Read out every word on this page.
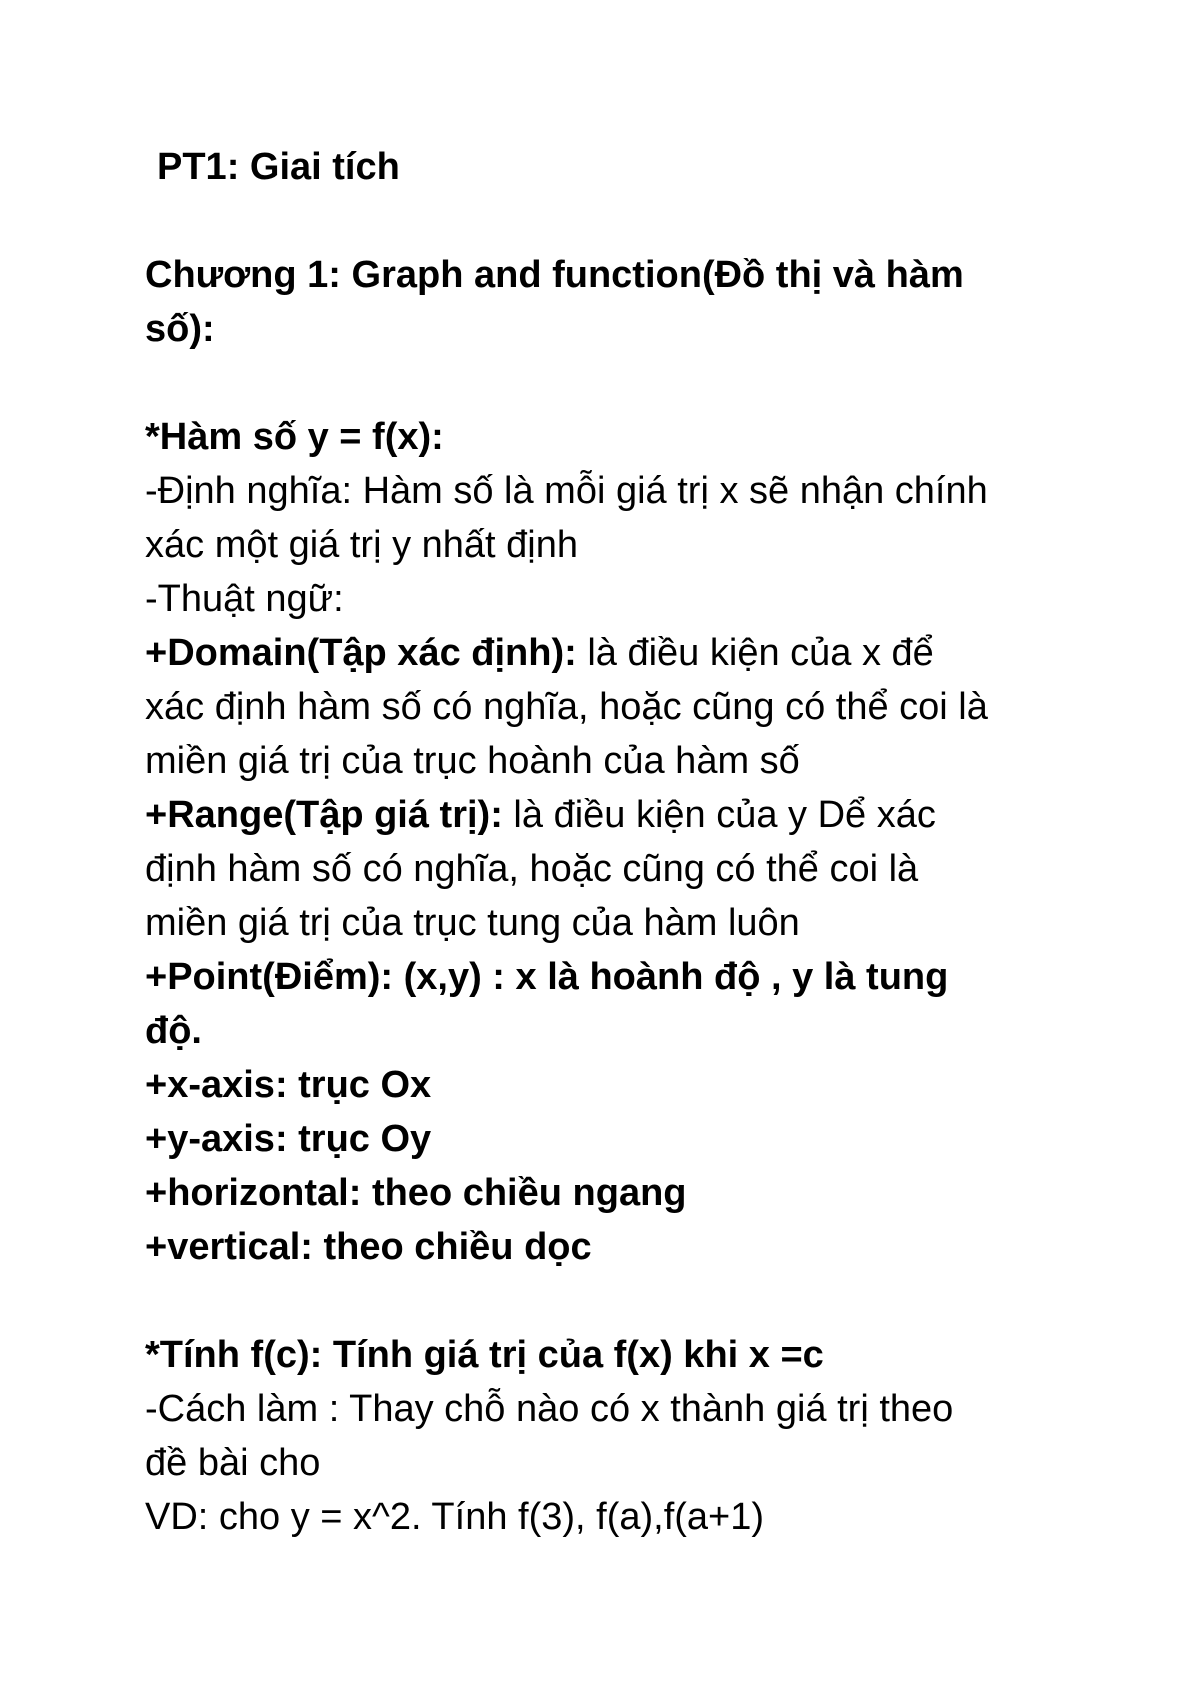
PT1: Giai tích
Chương 1: Graph and function(Đồ thị và hàm
số):
*Hàm số y = f(x):
-Định nghĩa: Hàm số là mỗi giá trị x sẽ nhận chính
xác một giá trị y nhất định
-Thuật ngữ:
+Domain(Tập xác định): là điều kiện của x để
xác định hàm số có nghĩa, hoặc cũng có thể coi là
miền giá trị của trục hoành của hàm số
+Range(Tập giá trị): là điều kiện của y Dể xác
định hàm số có nghĩa, hoặc cũng có thể coi là
miền giá trị của trục tung của hàm luôn
+Point(Điểm): (x,y) : x là hoành độ , y là tung
độ.
+x-axis: trục Ox
+y-axis: trục Oy
+horizontal: theo chiều ngang
+vertical: theo chiều dọc
*Tính f(c): Tính giá trị của f(x) khi x =c
-Cách làm : Thay chỗ nào có x thành giá trị theo
đề bài cho
VD: cho y = x^2. Tính f(3), f(a),f(a+1)
